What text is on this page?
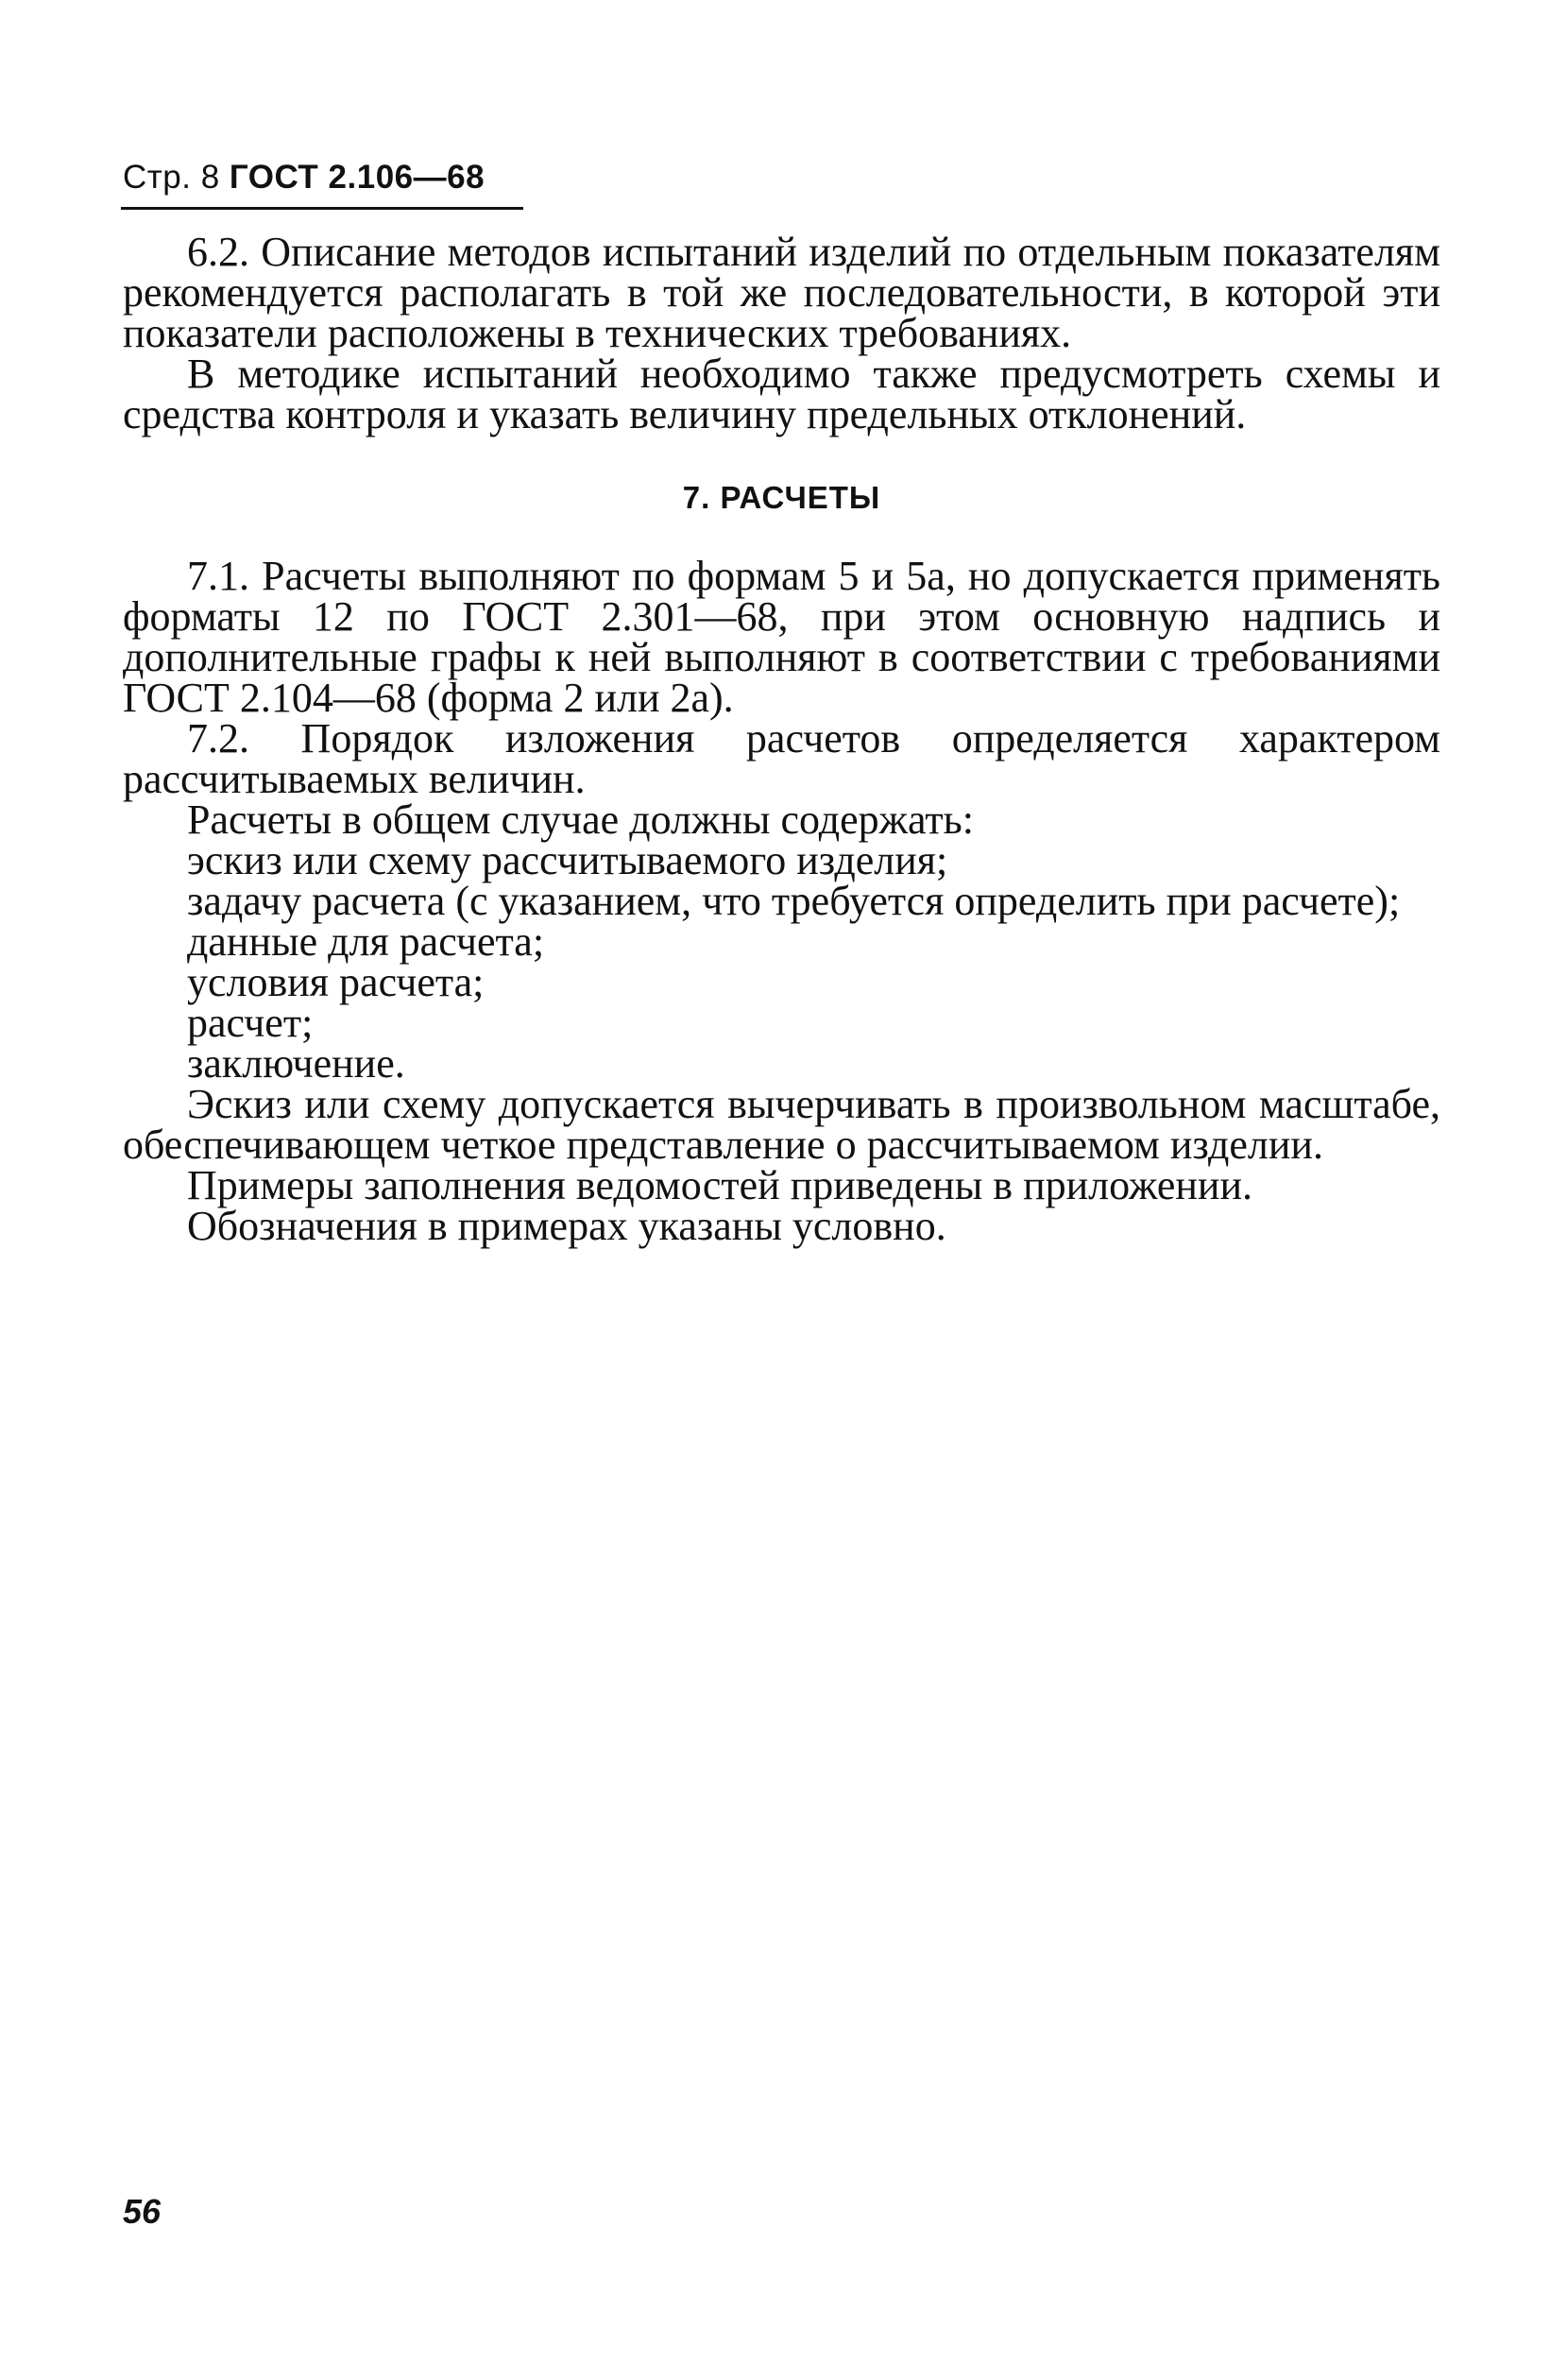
Стр. 8 ГОСТ 2.106—68

6.2. Описание методов испытаний изделий по отдельным показателям рекомендуется располагать в той же последовательности, в которой эти показатели расположены в технических требованиях.

В методике испытаний необходимо также предусмотреть схемы и средства контроля и указать величину предельных отклонений.

7. РАСЧЕТЫ

7.1. Расчеты выполняют по формам 5 и 5а, но допускается применять форматы 12 по ГОСТ 2.301—68, при этом основную надпись и дополнительные графы к ней выполняют в соответствии с требованиями ГОСТ 2.104—68 (форма 2 или 2а).

7.2. Порядок изложения расчетов определяется характером рассчитываемых величин.

Расчеты в общем случае должны содержать:

эскиз или схему рассчитываемого изделия;

задачу расчета (с указанием, что требуется определить при расчете);

данные для расчета;

условия расчета;

расчет;

заключение.

Эскиз или схему допускается вычерчивать в произвольном масштабе, обеспечивающем четкое представление о рассчитываемом изделии.

Примеры заполнения ведомостей приведены в приложении.

Обозначения в примерах указаны условно.

56
